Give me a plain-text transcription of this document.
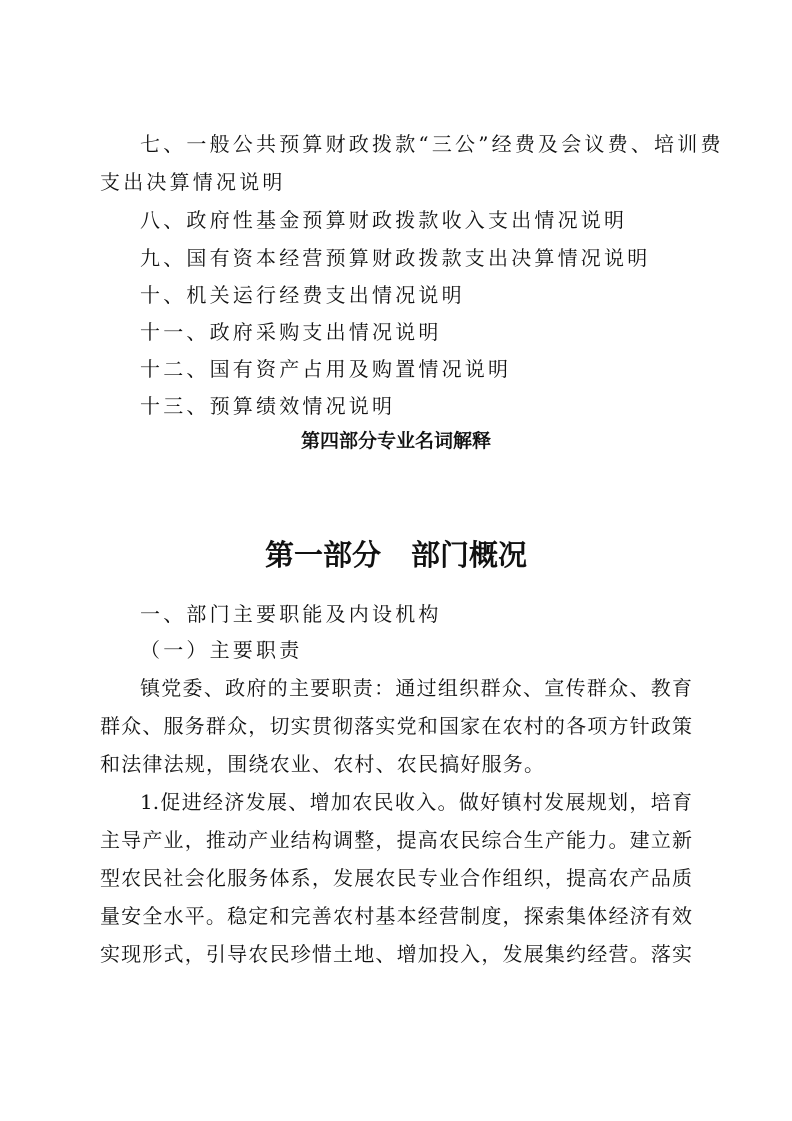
七、一般公共预算财政拨款“三公”经费及会议费、培训费
支出决算情况说明
八、政府性基金预算财政拨款收入支出情况说明
九、国有资本经营预算财政拨款支出决算情况说明
十、机关运行经费支出情况说明
十一、政府采购支出情况说明
十二、国有资产占用及购置情况说明
十三、预算绩效情况说明
第四部分专业名词解释
第一部分 部门概况
一、部门主要职能及内设机构
（一）主要职责
镇党委、政府的主要职责：通过组织群众、宣传群众、教育
群众、服务群众，切实贯彻落实党和国家在农村的各项方针政策
和法律法规，围绕农业、农村、农民搞好服务。
1.促进经济发展、增加农民收入。做好镇村发展规划，培育
主导产业，推动产业结构调整，提高农民综合生产能力。建立新
型农民社会化服务体系，发展农民专业合作组织，提高农产品质
量安全水平。稳定和完善农村基本经营制度，探索集体经济有效
实现形式，引导农民珍惜土地、增加投入，发展集约经营。落实
